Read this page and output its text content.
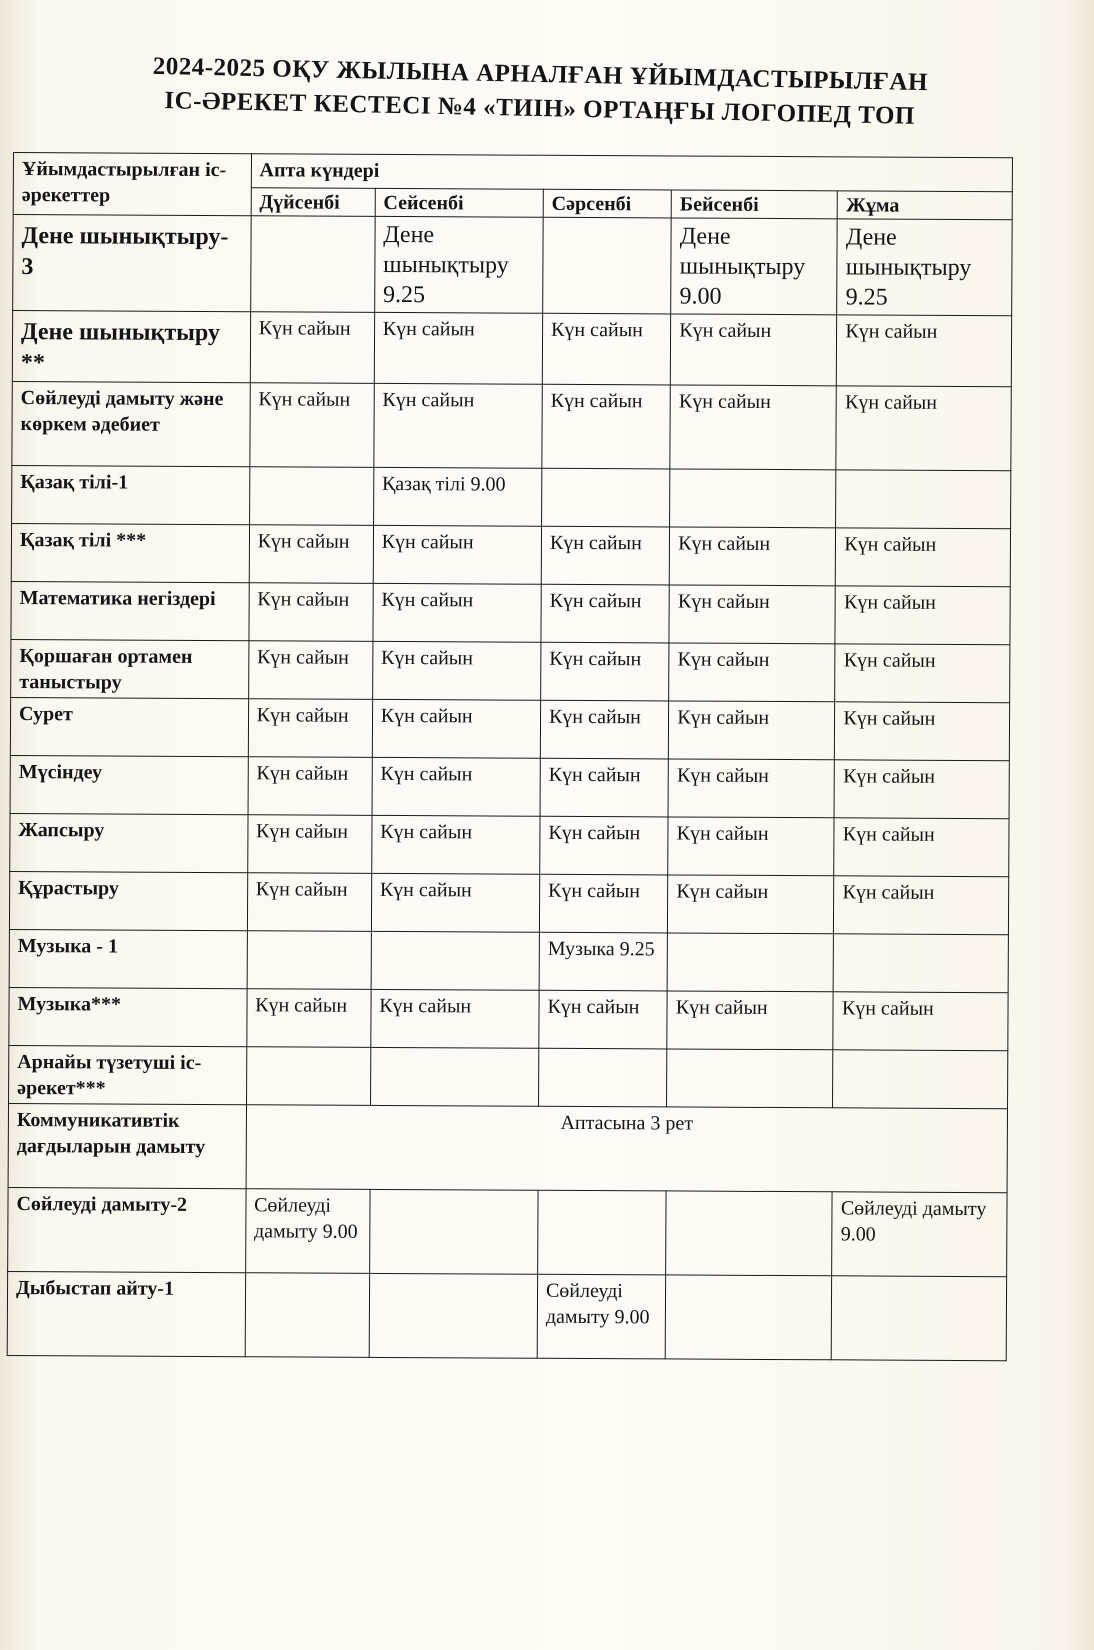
2024-2025 ОҚУ ЖЫЛЫНА АРНАЛҒАН ҰЙЫМДАСТЫРЫЛҒАН
ІС-ӘРЕКЕТ КЕСТЕСІ №4 «ТИІН» ОРТАҢҒЫ ЛОГОПЕД ТОП
Ұйымдастырылған іс-әрекеттер	Апта күндері				
	Дүйсенбі	Сейсенбі	Сәрсенбі	Бейсенбі	Жұма
Дене шынықтыру- 3		Дене шынықтыру 9.25		Дене шынықтыру 9.00	Дене шынықтыру 9.25
Дене шынықтыру **	Күн сайын	Күн сайын	Күн сайын	Күн сайын	Күн сайын
Сөйлеуді дамыту және көркем әдебиет	Күн сайын	Күн сайын	Күн сайын	Күн сайын	Күн сайын
Қазақ тілі-1		Қазақ тілі 9.00			
Қазақ тілі ***	Күн сайын	Күн сайын	Күн сайын	Күн сайын	Күн сайын
Математика негіздері	Күн сайын	Күн сайын	Күн сайын	Күн сайын	Күн сайын
Қоршаған ортамен таныстыру	Күн сайын	Күн сайын	Күн сайын	Күн сайын	Күн сайын
Сурет	Күн сайын	Күн сайын	Күн сайын	Күн сайын	Күн сайын
Мүсіндеу	Күн сайын	Күн сайын	Күн сайын	Күн сайын	Күн сайын
Жапсыру	Күн сайын	Күн сайын	Күн сайын	Күн сайын	Күн сайын
Құрастыру	Күн сайын	Күн сайын	Күн сайын	Күн сайын	Күн сайын
Музыка - 1			Музыка 9.25		
Музыка***	Күн сайын	Күн сайын	Күн сайын	Күн сайын	Күн сайын
Арнайы түзетуші іс-әрекет***					
Коммуникативтік дағдыларын дамыту	Аптасына 3 рет				
Сөйлеуді дамыту-2	Сөйлеуді дамыту 9.00				Сөйлеуді дамыту 9.00
Дыбыстап айту-1			Сөйлеуді дамыту 9.00		
